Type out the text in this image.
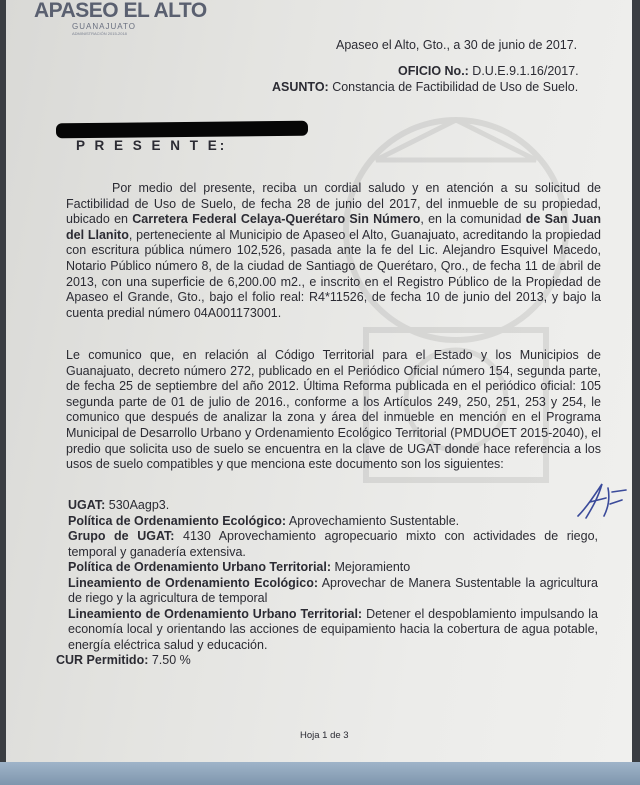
APASEO EL ALTO
GUANAJUATO
ADMINISTRACIÓN 2015-2018
Apaseo el Alto, Gto., a 30 de junio de 2017.
OFICIO No.: D.U.E.9.1.16/2017.
ASUNTO: Constancia de Factibilidad de Uso de Suelo.
P R E S E N T E:
Por medio del presente, reciba un cordial saludo y en atención a su solicitud de Factibilidad de Uso de Suelo, de fecha 28 de junio del 2017, del inmueble de su propiedad, ubicado en Carretera Federal Celaya-Querétaro Sin Número, en la comunidad de San Juan del Llanito, perteneciente al Municipio de Apaseo el Alto, Guanajuato, acreditando la propiedad con escritura pública número 102,526, pasada ante la fe del Lic. Alejandro Esquivel Macedo, Notario Público número 8, de la ciudad de Santiago de Querétaro, Qro., de fecha 11 de abril de 2013, con una superficie de 6,200.00 m2., e inscrito en el Registro Público de la Propiedad de Apaseo el Grande, Gto., bajo el folio real: R4*11526, de fecha 10 de junio del 2013, y bajo la cuenta predial número 04A001173001.
Le comunico que, en relación al Código Territorial para el Estado y los Municipios de Guanajuato, decreto número 272, publicado en el Periódico Oficial número 154, segunda parte, de fecha 25 de septiembre del año 2012. Última Reforma publicada en el periódico oficial: 105 segunda parte de 01 de julio de 2016., conforme a los Artículos 249, 250, 251, 253 y 254, le comunico que después de analizar la zona y área del inmueble en mención en el Programa Municipal de Desarrollo Urbano y Ordenamiento Ecológico Territorial (PMDUOET 2015-2040), el predio que solicita uso de suelo se encuentra en la clave de UGAT donde hace referencia a los usos de suelo compatibles y que menciona este documento son los siguientes:
UGAT: 530Aagp3.
Política de Ordenamiento Ecológico: Aprovechamiento Sustentable.
Grupo de UGAT: 4130 Aprovechamiento agropecuario mixto con actividades de riego, temporal y ganadería extensiva.
Política de Ordenamiento Urbano Territorial: Mejoramiento
Lineamiento de Ordenamiento Ecológico: Aprovechar de Manera Sustentable la agricultura de riego y la agricultura de temporal
Lineamiento de Ordenamiento Urbano Territorial: Detener el despoblamiento impulsando la economía local y orientando las acciones de equipamiento hacia la cobertura de agua potable, energía eléctrica salud y educación.
CUR Permitido: 7.50 %
Hoja 1 de 3
